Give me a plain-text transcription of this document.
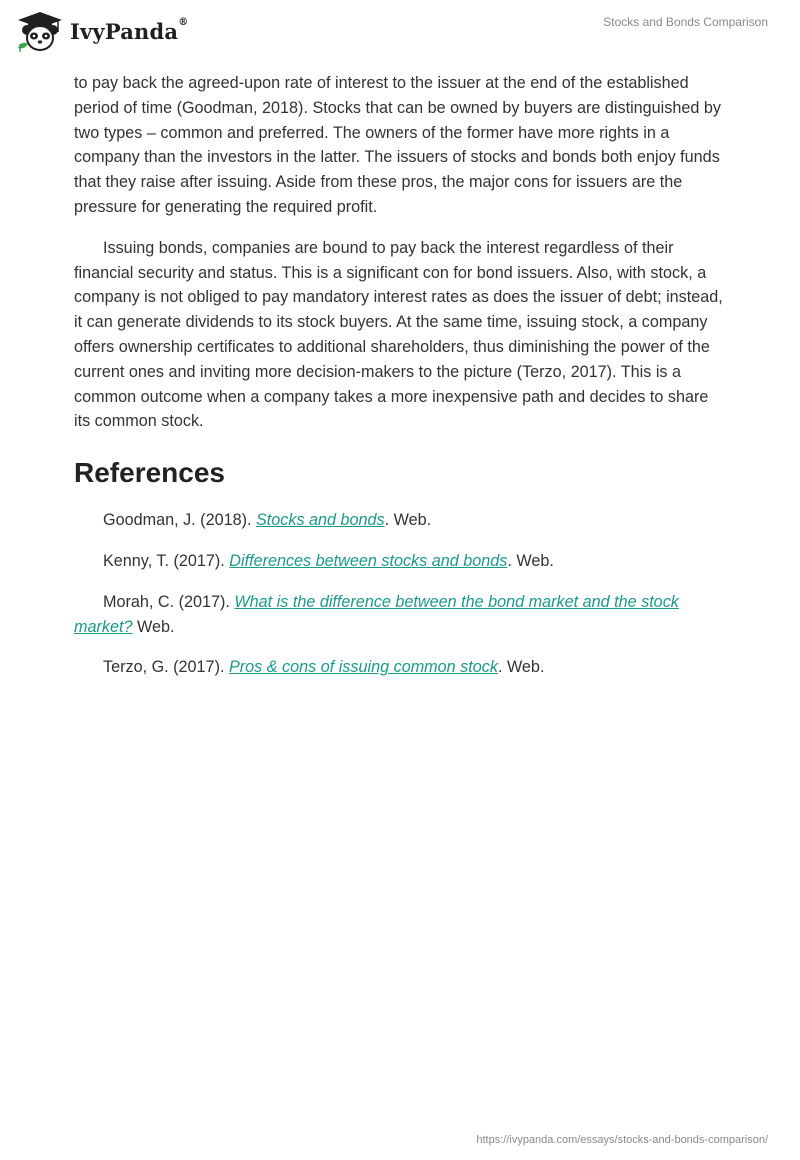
IvyPanda®	Stocks and Bonds Comparison

to pay back the agreed-upon rate of interest to the issuer at the end of the established period of time (Goodman, 2018). Stocks that can be owned by buyers are distinguished by two types – common and preferred. The owners of the former have more rights in a company than the investors in the latter. The issuers of stocks and bonds both enjoy funds that they raise after issuing. Aside from these pros, the major cons for issuers are the pressure for generating the required profit.

Issuing bonds, companies are bound to pay back the interest regardless of their financial security and status. This is a significant con for bond issuers. Also, with stock, a company is not obliged to pay mandatory interest rates as does the issuer of debt; instead, it can generate dividends to its stock buyers. At the same time, issuing stock, a company offers ownership certificates to additional shareholders, thus diminishing the power of the current ones and inviting more decision-makers to the picture (Terzo, 2017). This is a common outcome when a company takes a more inexpensive path and decides to share its common stock.

References

Goodman, J. (2018). Stocks and bonds. Web.

Kenny, T. (2017). Differences between stocks and bonds. Web.

Morah, C. (2017). What is the difference between the bond market and the stock market? Web.

Terzo, G. (2017). Pros & cons of issuing common stock. Web.

https://ivypanda.com/essays/stocks-and-bonds-comparison/
